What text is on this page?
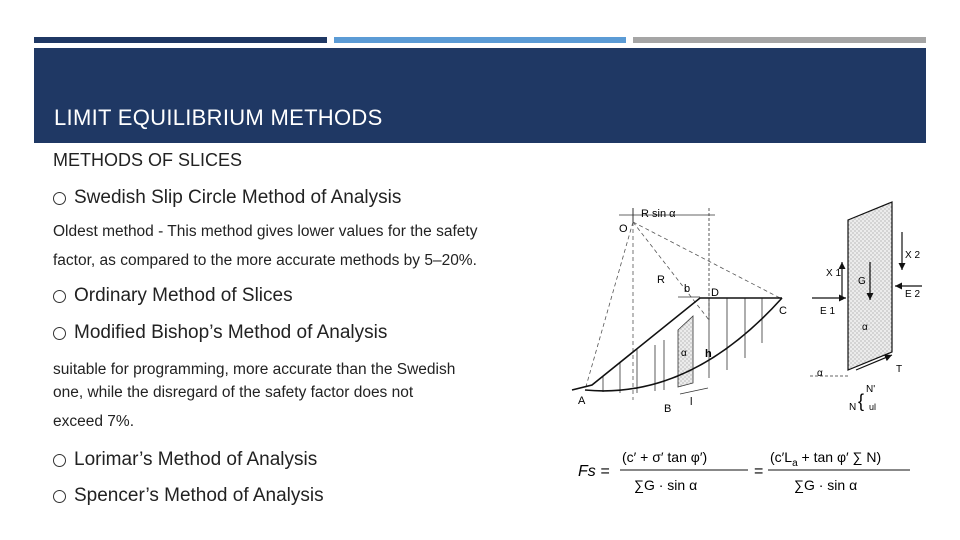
LIMIT EQUILIBRIUM METHODS
METHODS OF SLICES
Swedish Slip Circle Method of Analysis
Oldest method - This method gives lower values for the safety
factor, as compared to the more accurate methods by 5–20%.
Ordinary Method of Slices
Modified Bishop’s Method of Analysis
suitable for programming, more accurate than the Swedish
one, while the disregard of the safety factor does not
exceed 7%.
Lorimar’s Method of Analysis
Spencer’s Method of Analysis
R sin α
O
R
b D
C
A
B
l
α h
X 2
X 1
G
E 1
E 2
α
α	T
N'
N ul
{
Fs =
(c′ + σ′ tan φ′)
∑G · sin α
=
($c'L_a + \tan \varphi'$ ∑ N)
∑G · sin α
